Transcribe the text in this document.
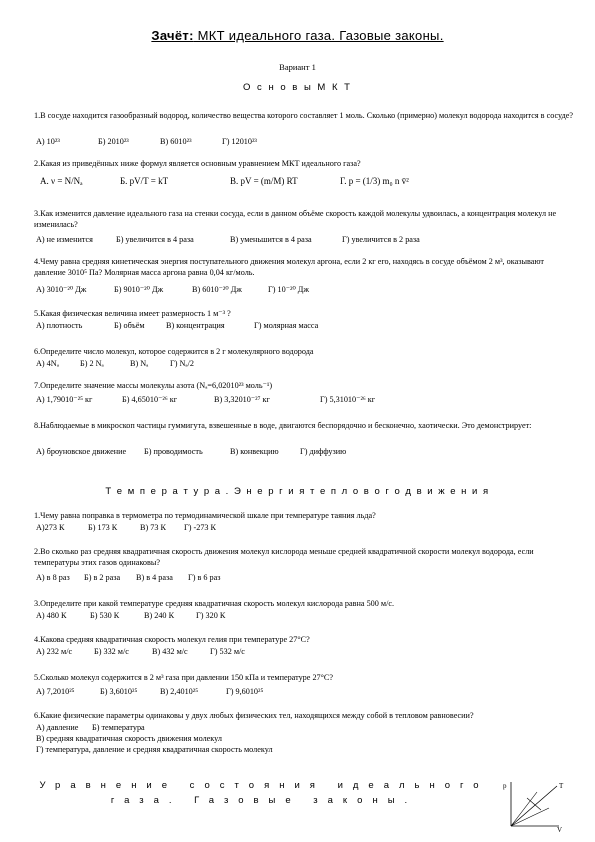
Зачёт: МКТ идеального газа. Газовые законы.
Вариант 1
О с н о в ы М К Т
1.В сосуде находится газообразный водород, количество вещества которого составляет 1 моль. Сколько (примерно) молекул водорода находится в сосуде?
А) 10²³	Б) 2010²³	В) 6010²³	Г) 12010²³
2.Какая из приведённых ниже формул является основным уравнением МКТ идеального газа?
A. ν = N/Nₐ	Б. pV/T = kT	B. pV = (m/M) RT	Г. p = (1/3) m₀ n v̄²
3.Как изменится давление идеального газа на стенки сосуда, если в данном объёме скорость каждой молекулы удвоилась, а концентрация молекул не изменилась?
А) не изменится	Б) увеличится в 4 раза	В) уменьшится в 4 раза	Г) увеличится в 2 раза
4.Чему равна средняя кинетическая энергия поступательного движения молекул аргона, если 2 кг его, находясь в сосуде объёмом 2 м³, оказывают давление 3010⁵ Па? Молярная масса аргона равна 0,04 кг/моль.
А) 3010⁻²⁰ Дж	Б) 9010⁻²⁰ Дж	В) 6010⁻²⁰ Дж	Г) 10⁻²⁰ Дж
5.Какая физическая величина имеет размерность 1 м⁻³ ?
А) плотность	Б) объём	В) концентрация	Г) молярная масса
6.Определите число молекул, которое содержится в 2 г молекулярного водорода
А) 4Nₐ	Б) 2 Nₐ	В) Nₐ	Г) Nₐ/2
7.Определите значение массы молекулы азота (Nₐ=6,02010²³ моль⁻¹)
А) 1,79010⁻²⁵ кг	Б) 4,65010⁻²⁶ кг	В) 3,32010⁻²⁷ кг	Г) 5,31010⁻²⁶ кг
8.Наблюдаемые в микроскоп частицы гуммигута, взвешенные в воде, двигаются беспорядочно и бесконечно, хаотически. Это демонстрирует:
А) броуновское движение Б) проводимость	В) конвекцию	Г) диффузию
Т е м п е р а т у р а . Э н е р г и я т е п л о в о г о д в и ж е н и я
1.Чему равна поправка в термометра по термодинамической шкале при температуре таяния льда?
А)273 К	Б) 173 К	В) 73 К Г) -273 К
2.Во сколько раз средняя квадратичная скорость движения молекул кислорода меньше средней квадратичной скорости молекул водорода, если температуры этих газов одинаковы?
А) в 8 раз Б) в 2 раза В) в 4 раза Г) в 6 раз
3.Определите при какой температуре средняя квадратичная скорость молекул кислорода равна 500 м/с.
А) 480 К	Б) 530 К	В) 240 К	Г) 320 К
4.Какова средняя квадратичная скорость молекул гелия при температуре 27°С?
А) 232 м/с	Б) 332 м/с	В) 432 м/с	Г) 532 м/с
5.Сколько молекул содержится в 2 м³ газа при давлении 150 кПа и температуре 27°С?
А) 7,2010²⁵	Б) 3,6010²⁵	В) 2,4010²⁵	Г) 9,6010²⁵
6.Какие физические параметры одинаковы у двух любых физических тел, находящихся между собой в тепловом равновесии?
А) давление Б) температура
В) средняя квадратичная скорость движения молекул
Г) температура, давление и средняя квадратичная скорость молекул
Уравнение состояния идеального газа. Газовые законы.
p
V
T
